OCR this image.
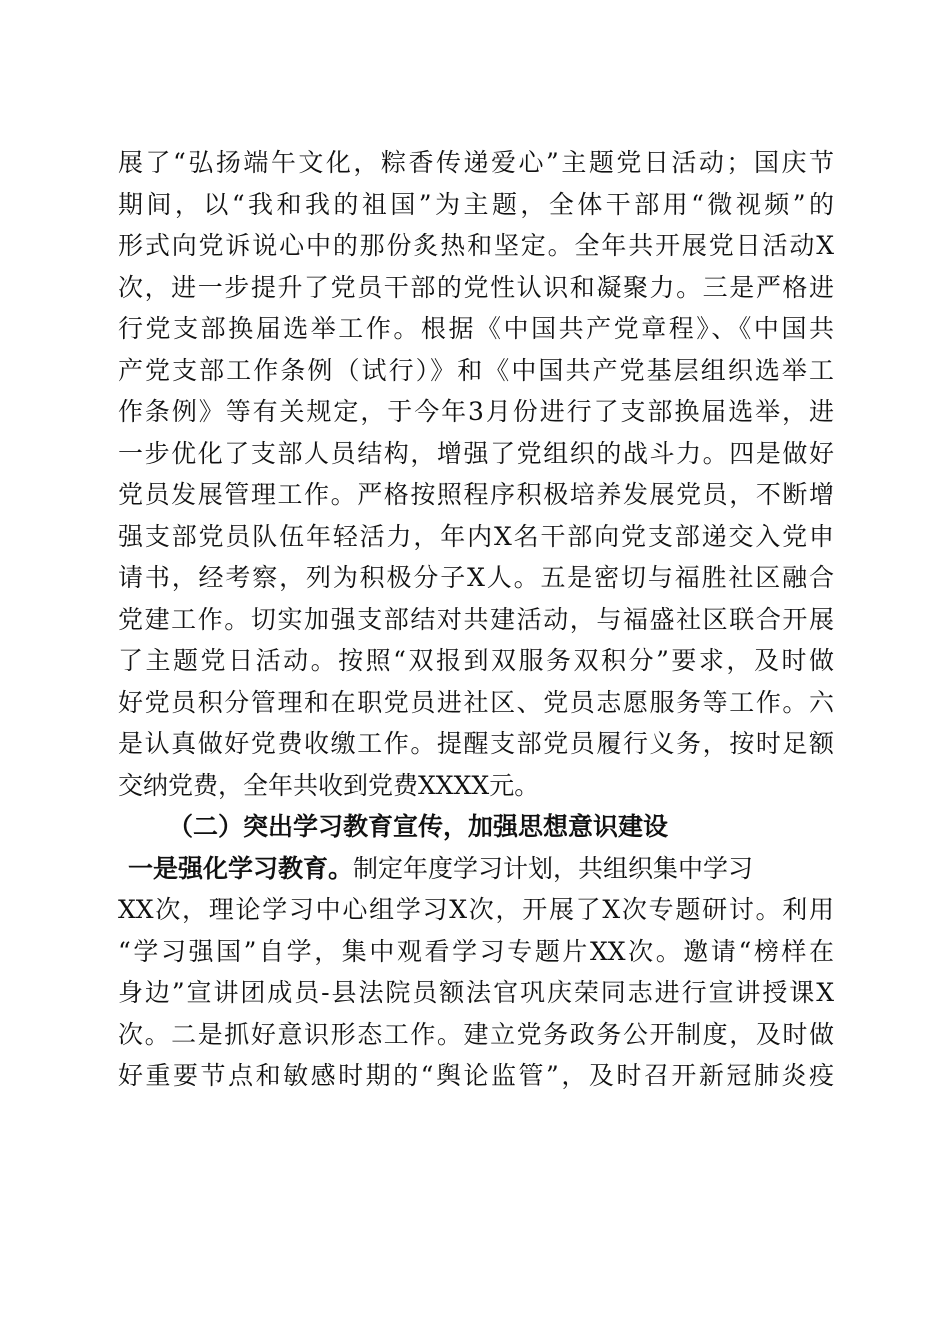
展了“弘扬端午文化，粽香传递爱心”主题党日活动；国庆节
期间，以“我和我的祖国”为主题，全体干部用“微视频”的
形式向党诉说心中的那份炙热和坚定。全年共开展党日活动X
次，进一步提升了党员干部的党性认识和凝聚力。三是严格进
行党支部换届选举工作。根据《中国共产党章程》、《中国共
产党支部工作条例（试行）》和《中国共产党基层组织选举工
作条例》等有关规定，于今年3月份进行了支部换届选举，进
一步优化了支部人员结构，增强了党组织的战斗力。四是做好
党员发展管理工作。严格按照程序积极培养发展党员，不断增
强支部党员队伍年轻活力，年内X名干部向党支部递交入党申
请书，经考察，列为积极分子X人。五是密切与福胜社区融合
党建工作。切实加强支部结对共建活动，与福盛社区联合开展
了主题党日活动。按照“双报到双服务双积分”要求，及时做
好党员积分管理和在职党员进社区、党员志愿服务等工作。六
是认真做好党费收缴工作。提醒支部党员履行义务，按时足额
交纳党费，全年共收到党费XXXX元。
（二）突出学习教育宣传，加强思想意识建设
一是强化学习教育。制定年度学习计划，共组织集中学习
XX次，理论学习中心组学习X次，开展了X次专题研讨。利用
“学习强国”自学，集中观看学习专题片XX次。邀请“榜样在
身边”宣讲团成员-县法院员额法官巩庆荣同志进行宣讲授课X
次。二是抓好意识形态工作。建立党务政务公开制度，及时做
好重要节点和敏感时期的“舆论监管”，及时召开新冠肺炎疫
